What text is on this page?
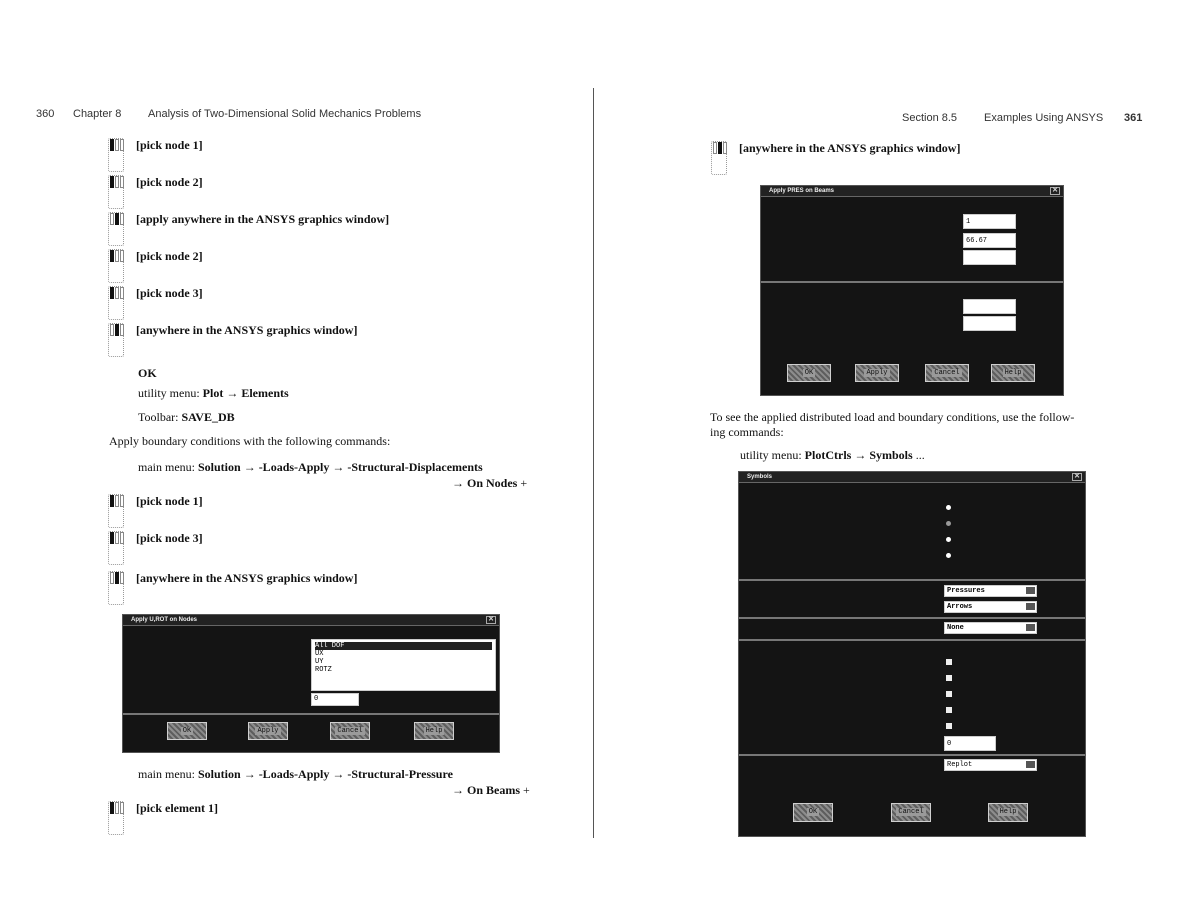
360 Chapter 8 Analysis of Two-Dimensional Solid Mechanics Problems
[pick node 1]
[pick node 2]
[apply anywhere in the ANSYS graphics window]
[pick node 2]
[pick node 3]
[anywhere in the ANSYS graphics window]
OK
utility menu: Plot → Elements
Toolbar: SAVE_DB
Apply boundary conditions with the following commands:
main menu: Solution → -Loads-Apply → -Structural-Displacements
→ On Nodes +
[pick node 1]
[pick node 3]
[anywhere in the ANSYS graphics window]
Apply U,ROT on Nodes	✕
All DOF
UX
UY
ROTZ
0
OK	Apply	Cancel	Help
main menu: Solution → -Loads-Apply → -Structural-Pressure
→ On Beams +
[pick element 1]
Section 8.5 Examples Using ANSYS 361
[anywhere in the ANSYS graphics window]
Apply PRES on Beams	✕
1
66.67
OK	Apply	Cancel	Help
To see the applied distributed load and boundary conditions, use the follow-
ing commands:
utility menu: PlotCtrls → Symbols ...
Symbols	✕
Pressures
Arrows
None
0
Replot
OK	Cancel	Help
